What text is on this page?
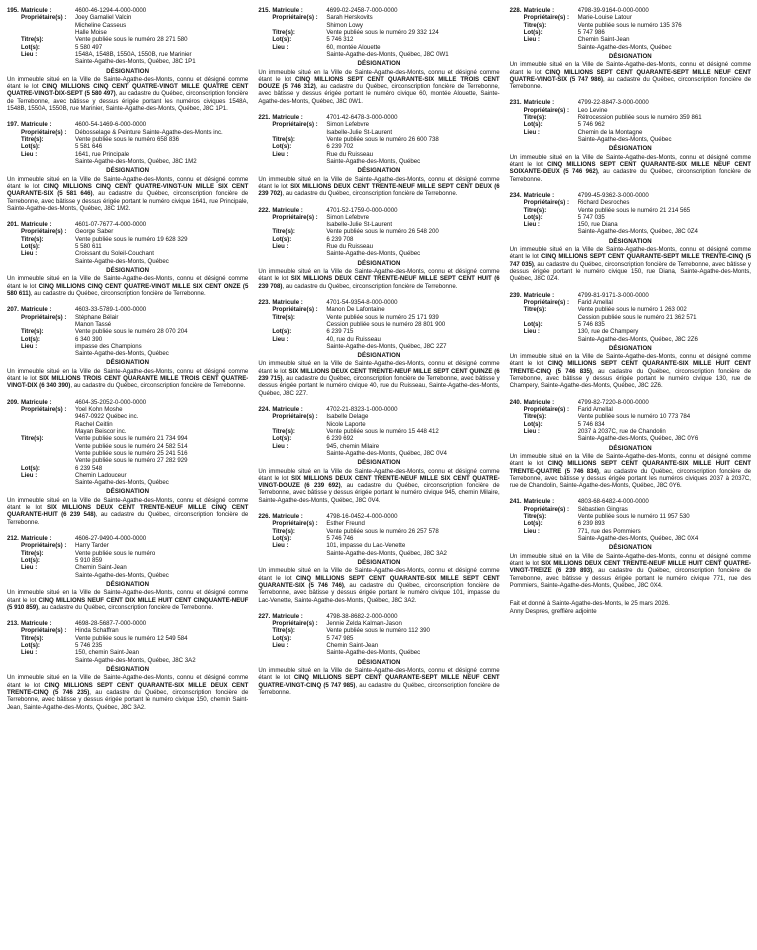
195. Matricule :	4600-46-1294-4-000-0000
Propriétaire(s) :	Joey Gamaliel Valcin
Micheline Casseus
Halle Moise
Titre(s):	Vente publiée sous le numéro 28 271 580
Lot(s):	5 580 497
Lieu :	1548A, 1548B, 1550A, 1550B, rue Marinier
Sainte-Agathe-des-Monts, Québec, J8C 1P1
DÉSIGNATION
Un immeuble situé en la Ville de Sainte-Agathe-des-Monts, connu et désigné comme étant le lot CINQ MILLIONS CINQ CENT QUATRE-VINGT MILLE QUATRE CENT QUATRE-VINGT-DIX-SEPT (5 580 497), au cadastre du Québec, circonscription foncière de Terrebonne, avec bâtisse y dessus érigée portant les numéros civiques 1548A, 1548B, 1550A, 1550B, rue Marinier, Sainte-Agathe-des-Monts, Québec, J8C 1P1.
197. Matricule :	4600-54-1469-6-000-0000
Propriétaire(s) :	Débosselage & Peinture Sainte-Agathe-des-Monts inc.
Titre(s):	Vente publiée sous le numéro 658 836
Lot(s):	5 581 646
Lieu :	1641, rue Principale
Sainte-Agathe-des-Monts, Québec, J8C 1M2
DÉSIGNATION
Un immeuble situé en la Ville de Sainte-Agathe-des-Monts, connu et désigné comme étant le lot CINQ MILLIONS CINQ CENT QUATRE-VINGT-UN MILLE SIX CENT QUARANTE-SIX (5 581 646), au cadastre du Québec, circonscription foncière de Terrebonne, avec bâtisse y dessus érigée portant le numéro civique 1641, rue Principale, Sainte-Agathe-des-Monts, Québec, J8C 1M2.
201. Matricule :	4601-07-7677-4-000-0000
Propriétaire(s) :	George Saber
Titre(s):	Vente publiée sous le numéro 19 628 329
Lot(s):	5 580 611
Lieu :	Croissant du Soleil-Couchant
Sainte-Agathe-des-Monts, Québec
DÉSIGNATION
Un immeuble situé en la Ville de Sainte-Agathe-des-Monts, connu et désigné comme étant le lot CINQ MILLIONS CINQ CENT QUATRE-VINGT MILLE SIX CENT ONZE (5 580 611), au cadastre du Québec, circonscription foncière de Terrebonne.
207. Matricule :	4603-33-5789-1-000-0000
Propriétaire(s) :	Stéphane Bélair
Manon Tassé
Titre(s):	Vente publiée sous le numéro 28 070 204
Lot(s):	6 340 390
Lieu :	impasse des Champions
Sainte-Agathe-des-Monts, Québec
DÉSIGNATION
Un immeuble situé en la Ville de Sainte-Agathe-des-Monts, connu et désigné comme étant le lot SIX MILLIONS TROIS CENT QUARANTE MILLE TROIS CENT QUATRE-VINGT-DIX (6 340 390), au cadastre du Québec, circonscription foncière de Terrebonne.
209. Matricule :	4604-35-2052-0-000-0000
Propriétaire(s) :	Yoel Kohn Moshe
9467-0922 Québec inc.
Rachel Ceitlin
Mayan Beiscor inc.
Titre(s):	Vente publiée sous le numéro 21 734 994
Vente publiée sous le numéro 24 582 514
Vente publiée sous le numéro 25 241 516
Vente publiée sous le numéro 27 282 929
Lot(s):	6 239 548
Lieu :	Chemin Ladouceur
Sainte-Agathe-des-Monts, Québec
DÉSIGNATION
Un immeuble situé en la Ville de Sainte-Agathe-des-Monts, connu et désigné comme étant le lot SIX MILLIONS DEUX CENT TRENTE-NEUF MILLE CINQ CENT QUARANTE-HUIT (6 239 548), au cadastre du Québec, circonscription foncière de Terrebonne.
212. Matricule :	4606-27-9490-4-000-0000
Propriétaire(s) :	Harry Tarder
Titre(s):	Vente publiée sous le numéro
Lot(s):	5 910 859
Lieu :	Chemin Saint-Jean
Sainte-Agathe-des-Monts, Québec
DÉSIGNATION
Un immeuble situé en la Ville de Sainte-Agathe-des-Monts, connu et désigné comme étant le lot CINQ MILLIONS NEUF CENT DIX MILLE HUIT CENT CINQUANTE-NEUF (5 910 859), au cadastre du Québec, circonscription foncière de Terrebonne.
213. Matricule :	4698-28-5687-7-000-0000
Propriétaire(s) :	Hinda Schaffran
Titre(s):	Vente publiée sous le numéro 12 549 584
Lot(s):	5 746 235
Lieu :	150, chemin Saint-Jean
Sainte-Agathe-des-Monts, Québec, J8C 3A2
DÉSIGNATION
Un immeuble situé en la Ville de Sainte-Agathe-des-Monts, connu et désigné comme étant le lot CINQ MILLIONS SEPT CENT QUARANTE-SIX MILLE DEUX CENT TRENTE-CINQ (5 746 235), au cadastre du Québec, circonscription foncière de Terrebonne, avec bâtisse y dessus érigée portant le numéro civique 150, chemin Saint-Jean, Sainte-Agathe-des-Monts, Québec, J8C 3A2.
215. Matricule :	4699-02-2458-7-000-0000
Propriétaire(s) :	Sarah Herskovits
Shimon Lowy
Titre(s):	Vente publiée sous le numéro 29 332 124
Lot(s):	5 746 312
Lieu :	60, montée Alouette
Sainte-Agathe-des-Monts, Québec, J8C 0W1
DÉSIGNATION
Un immeuble situé en la Ville de Sainte-Agathe-des-Monts, connu et désigné comme étant le lot CINQ MILLIONS SEPT CENT QUARANTE-SIX MILLE TROIS CENT DOUZE (5 746 312), au cadastre du Québec, circonscription foncière de Terrebonne, avec bâtisse y dessus érigée portant le numéro civique 60, montée Alouette, Sainte-Agathe-des-Monts, Québec, J8C 0W1.
221. Matricule :	4701-42-6478-3-000-0000
Propriétaire(s) :	Simon Lefebvre
Isabelle-Julie St-Laurent
Titre(s):	Vente publiée sous le numéro 26 600 738
Lot(s):	6 239 702
Lieu :	Rue du Ruisseau
Sainte-Agathe-des-Monts, Québec
DÉSIGNATION
Un immeuble situé en la Ville de Sainte-Agathe-des-Monts, connu et désigné comme étant le lot SIX MILLIONS DEUX CENT TRENTE-NEUF MILLE SEPT CENT DEUX (6 239 702), au cadastre du Québec, circonscription foncière de Terrebonne.
222. Matricule :	4701-52-1759-0-000-0000
Propriétaire(s) :	Simon Lefebvre
Isabelle-Julie St-Laurent
Titre(s):	Vente publiée sous le numéro 26 548 200
Lot(s):	6 239 708
Lieu :	Rue du Ruisseau
Sainte-Agathe-des-Monts, Québec
DÉSIGNATION
Un immeuble situé en la Ville de Sainte-Agathe-des-Monts, connu et désigné comme étant le lot SIX MILLIONS DEUX CENT TRENTE-NEUF MILLE SEPT CENT HUIT (6 239 708), au cadastre du Québec, circonscription foncière de Terrebonne.
223. Matricule :	4701-54-9354-8-000-0000
Propriétaire(s) :	Manon De Lafontaine
Titre(s):	Vente publiée sous le numéro 25 171 939
Cession publiée sous le numéro 28 801 900
Lot(s):	6 239 715
Lieu :	40, rue du Ruisseau
Sainte-Agathe-des-Monts, Québec, J8C 2Z7
DÉSIGNATION
Un immeuble situé en la Ville de Sainte-Agathe-des-Monts, connu et désigné comme étant le lot SIX MILLIONS DEUX CENT TRENTE-NEUF MILLE SEPT CENT QUINZE (6 239 715), au cadastre du Québec, circonscription foncière de Terrebonne, avec bâtisse y dessus érigée portant le numéro civique 40, rue du Ruisseau, Sainte-Agathe-des-Monts, Québec, J8C 2Z7.
224. Matricule :	4702-21-8323-1-000-0000
Propriétaire(s) :	Isabelle Delage
Nicole Laporte
Titre(s):	Vente publiée sous le numéro 15 448 412
Lot(s):	6 239 692
Lieu :	945, chemin Milaire
Sainte-Agathe-des-Monts, Québec, J8C 0V4
DÉSIGNATION
Un immeuble situé en la Ville de Sainte-Agathe-des-Monts, connu et désigné comme étant le lot SIX MILLIONS DEUX CENT TRENTE-NEUF MILLE SIX CENT QUATRE-VINGT-DOUZE (6 239 692), au cadastre du Québec, circonscription foncière de Terrebonne, avec bâtisse y dessus érigée portant le numéro civique 945, chemin Milaire, Sainte-Agathe-des-Monts, Québec, J8C 0V4.
226. Matricule :	4798-16-0452-4-000-0000
Propriétaire(s) :	Esther Freund
Titre(s):	Vente publiée sous le numéro 26 257 578
Lot(s):	5 746 746
Lieu :	101, impasse du Lac-Venette
Sainte-Agathe-des-Monts, Québec, J8C 3A2
DÉSIGNATION
Un immeuble situé en la Ville de Sainte-Agathe-des-Monts, connu et désigné comme étant le lot CINQ MILLIONS SEPT CENT QUARANTE-SIX MILLE SEPT CENT QUARANTE-SIX (5 746 746), au cadastre du Québec, circonscription foncière de Terrebonne, avec bâtisse y dessus érigée portant le numéro civique 101, impasse du Lac-Venette, Sainte-Agathe-des-Monts, Québec, J8C 3A2.
227. Matricule :	4798-38-8682-2-000-0000
Propriétaire(s) :	Jennie Zelda Kalman-Jason
Titre(s):	Vente publiée sous le numéro 112 390
Lot(s):	5 747 985
Lieu :	Chemin Saint-Jean
Sainte-Agathe-des-Monts, Québec
DÉSIGNATION
Un immeuble situé en la Ville de Sainte-Agathe-des-Monts, connu et désigné comme étant le lot CINQ MILLIONS SEPT CENT QUARANTE-SEPT MILLE NEUF CENT QUATRE-VINGT-CINQ (5 747 985), au cadastre du Québec, circonscription foncière de Terrebonne.
228. Matricule :	4798-39-9164-0-000-0000
Propriétaire(s) :	Marie-Louise Latour
Titre(s):	Vente publiée sous le numéro 135 376
Lot(s):	5 747 986
Lieu :	Chemin Saint-Jean
Sainte-Agathe-des-Monts, Québec
DÉSIGNATION
Un immeuble situé en la Ville de Sainte-Agathe-des-Monts, connu et désigné comme étant le lot CINQ MILLIONS SEPT CENT QUARANTE-SEPT MILLE NEUF CENT QUATRE-VINGT-SIX (5 747 986), au cadastre du Québec, circonscription foncière de Terrebonne.
231. Matricule :	4799-22-8847-3-000-0000
Propriétaire(s) :	Leo Levine
Titre(s):	Rétrocession publiée sous le numéro 359 861
Lot(s):	5 746 962
Lieu :	Chemin de la Montagne
Sainte-Agathe-des-Monts, Québec
DÉSIGNATION
Un immeuble situé en la Ville de Sainte-Agathe-des-Monts, connu et désigné comme étant le lot CINQ MILLIONS SEPT CENT QUARANTE-SIX MILLE NEUF CENT SOIXANTE-DEUX (5 746 962), au cadastre du Québec, circonscription foncière de Terrebonne.
234. Matricule :	4799-45-9362-3-000-0000
Propriétaire(s) :	Richard Desroches
Titre(s):	Vente publiée sous le numéro 21 214 565
Lot(s):	5 747 035
Lieu :	150, rue Diana
Sainte-Agathe-des-Monts, Québec, J8C 0Z4
DÉSIGNATION
Un immeuble situé en la Ville de Sainte-Agathe-des-Monts, connu et désigné comme étant le lot CINQ MILLIONS SEPT CENT QUARANTE-SEPT MILLE TRENTE-CINQ (5 747 035), au cadastre du Québec, circonscription foncière de Terrebonne, avec bâtisse y dessus érigée portant le numéro civique 150, rue Diana, Sainte-Agathe-des-Monts, Québec, J8C 0Z4.
239. Matricule :	4799-81-9171-3-000-0000
Propriétaire(s) :	Farid Amellal
Titre(s):	Vente publiée sous le numéro 1 263 002
Cession publiée sous le numéro 21 362 571
Lot(s):	5 746 835
Lieu :	130, rue de Champery
Sainte-Agathe-des-Monts, Québec, J8C 2Z6
DÉSIGNATION
Un immeuble situé en la Ville de Sainte-Agathe-des-Monts, connu et désigné comme étant le lot CINQ MILLIONS SEPT CENT QUARANTE-SIX MILLE HUIT CENT TRENTE-CINQ (5 746 835), au cadastre du Québec, circonscription foncière de Terrebonne, avec bâtisse y dessus érigée portant le numéro civique 130, rue de Champery, Sainte-Agathe-des-Monts, Québec, J8C 2Z6.
240. Matricule :	4799-82-7220-8-000-0000
Propriétaire(s) :	Farid Amellal
Titre(s):	Vente publiée sous le numéro 10 773 784
Lot(s):	5 746 834
Lieu :	2037 à 2037C, rue de Chandolin
Sainte-Agathe-des-Monts, Québec, J8C 0Y6
DÉSIGNATION
Un immeuble situé en la Ville de Sainte-Agathe-des-Monts, connu et désigné comme étant le lot CINQ MILLIONS SEPT CENT QUARANTE-SIX MILLE HUIT CENT TRENTE-QUATRE (5 746 834), au cadastre du Québec, circonscription foncière de Terrebonne, avec bâtisse y dessus érigée portant les numéros civiques 2037 à 2037C, rue de Chandolin, Sainte-Agathe-des-Monts, Québec, J8C 0Y6.
241. Matricule :	4803-68-6482-4-000-0000
Propriétaire(s) :	Sébastien Gingras
Titre(s):	Vente publiée sous le numéro 11 957 530
Lot(s):	6 239 893
Lieu :	771, rue des Pommiers
Sainte-Agathe-des-Monts, Québec, J8C 0X4
DÉSIGNATION
Un immeuble situé en la Ville de Sainte-Agathe-des-Monts, connu et désigné comme étant le lot SIX MILLIONS DEUX CENT TRENTE-NEUF MILLE HUIT CENT QUATRE-VINGT-TREIZE (6 239 893), au cadastre du Québec, circonscription foncière de Terrebonne, avec bâtisse y dessus érigée portant le numéro civique 771, rue des Pommiers, Sainte-Agathe-des-Monts, Québec, J8C 0X4.
Fait et donné à Sainte-Agathe-des-Monts, le 25 mars 2026.
Anny Despres, greffière adjointe
